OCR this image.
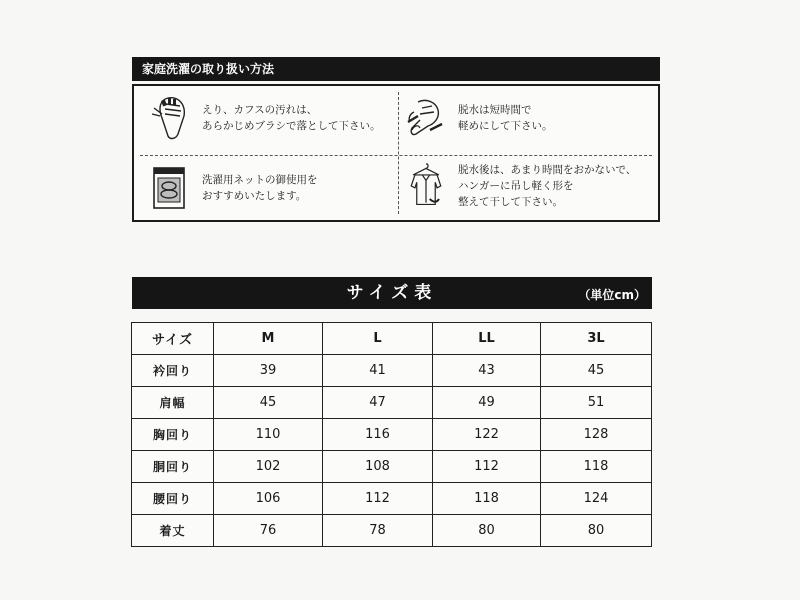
家庭洗濯の取り扱い方法
えり、カフスの汚れは、
あらかじめブラシで落として下さい。
脱水は短時間で
軽めにして下さい。
洗濯用ネットの御使用を
おすすめいたします。
脱水後は、あまり時間をおかないで、
ハンガーに吊し軽く形を
整えて干して下さい。
サイズ表	（単位cm）
サイズ	M	L	LL	3L
衿回り	39	41	43	45
肩幅	45	47	49	51
胸回り	110	116	122	128
胴回り	102	108	112	118
腰回り	106	112	118	124
着丈	76	78	80	80
